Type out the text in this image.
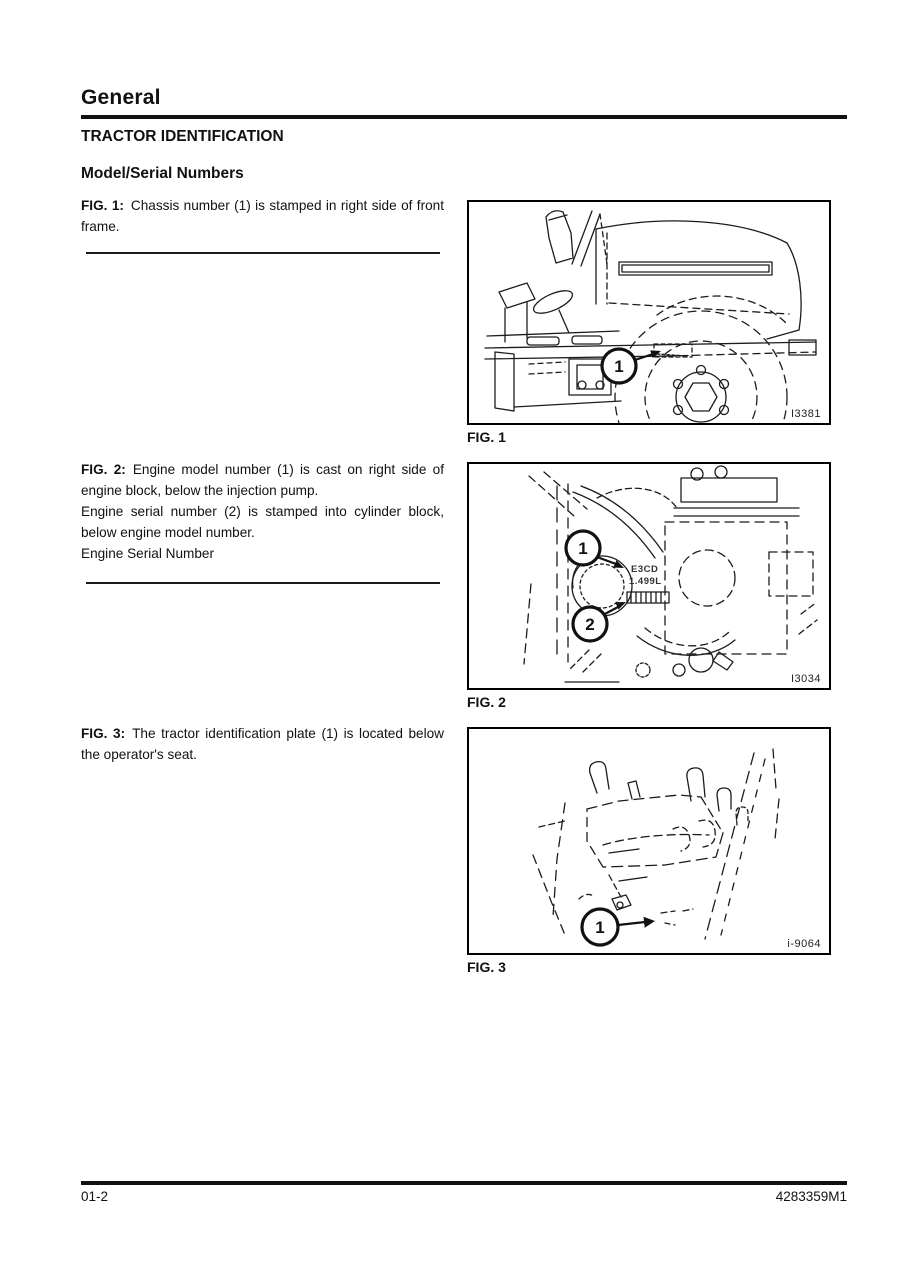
General
TRACTOR IDENTIFICATION
Model/Serial Numbers

FIG. 1: Chassis number (1) is stamped in right side of front frame.

1
I3381
FIG. 1

FIG. 2: Engine model number (1) is cast on right side of engine block, below the injection pump.

Engine serial number (2) is stamped into cylinder block, below engine model number.

Engine Serial Number

E3CD
1.499L
1
2
I3034
FIG. 2

FIG. 3: The tractor identification plate (1) is located below the operator's seat.

1
i-9064
FIG. 3
01-2	4283359M1
